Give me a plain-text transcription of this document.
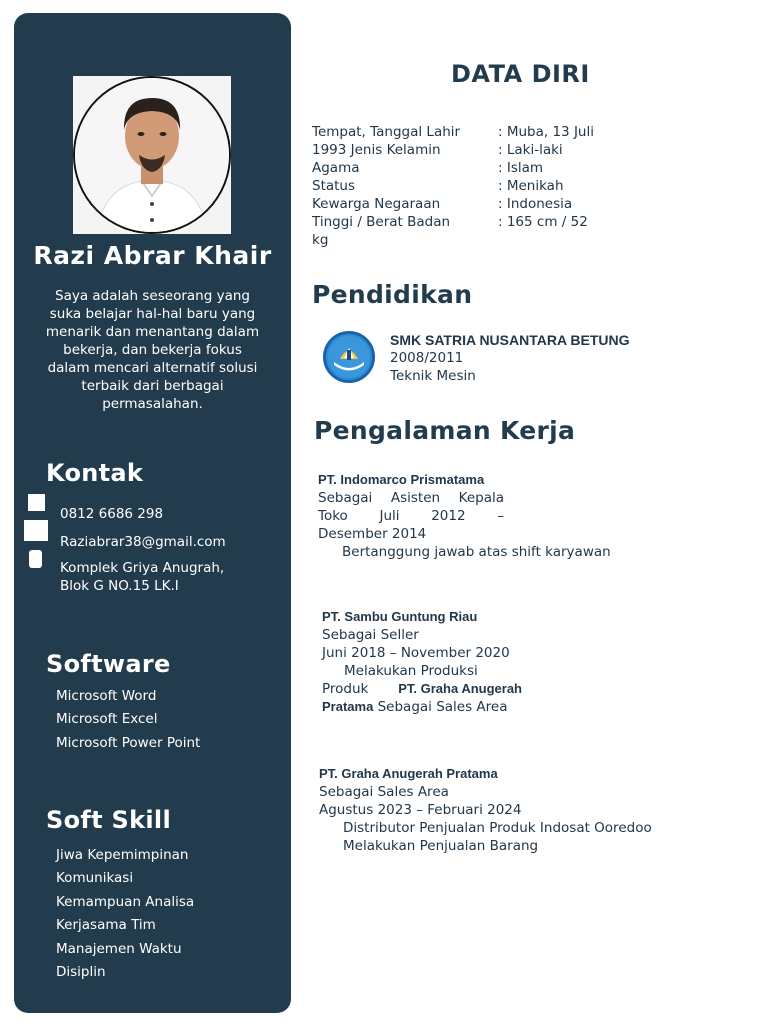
Razi Abrar Khair
Saya adalah seseorang yang
suka belajar hal-hal baru yang
menarik dan menantang dalam
bekerja, dan bekerja fokus
dalam mencari alternatif solusi
terbaik dari berbagai
permasalahan.
Kontak
0812 6686 298
Raziabrar38@gmail.com
Komplek Griya Anugrah,
Blok G NO.15 LK.I
Software
Microsoft Word
Microsoft Excel
Microsoft Power Point
Soft Skill
Jiwa Kepemimpinan
Komunikasi
Kemampuan Analisa
Kerjasama Tim
Manajemen Waktu
Disiplin
DATA DIRI
Tempat, Tanggal Lahir
1993 Jenis Kelamin
Agama
Status
Kewarga Negaraan
Tinggi / Berat Badan
kg
: Muba, 13 Juli
: Laki-laki
: Islam
: Menikah
: Indonesia
: 165 cm / 52
Pendidikan
SMK SATRIA NUSANTARA BETUNG
2008/2011
Teknik Mesin
Pengalaman Kerja
PT. Indomarco Prismatama
Sebagai Asisten Kepala
Toko Juli 2012 –
Desember 2014
Bertanggung jawab atas shift karyawan
PT. Sambu Guntung Riau
Sebagai Seller
Juni 2018 – November 2020
Melakukan Produksi
Produk PT. Graha Anugerah
Pratama Sebagai Sales Area
PT. Graha Anugerah Pratama
Sebagai Sales Area
Agustus 2023 – Februari 2024
Distributor Penjualan Produk Indosat Ooredoo
Melakukan Penjualan Barang
